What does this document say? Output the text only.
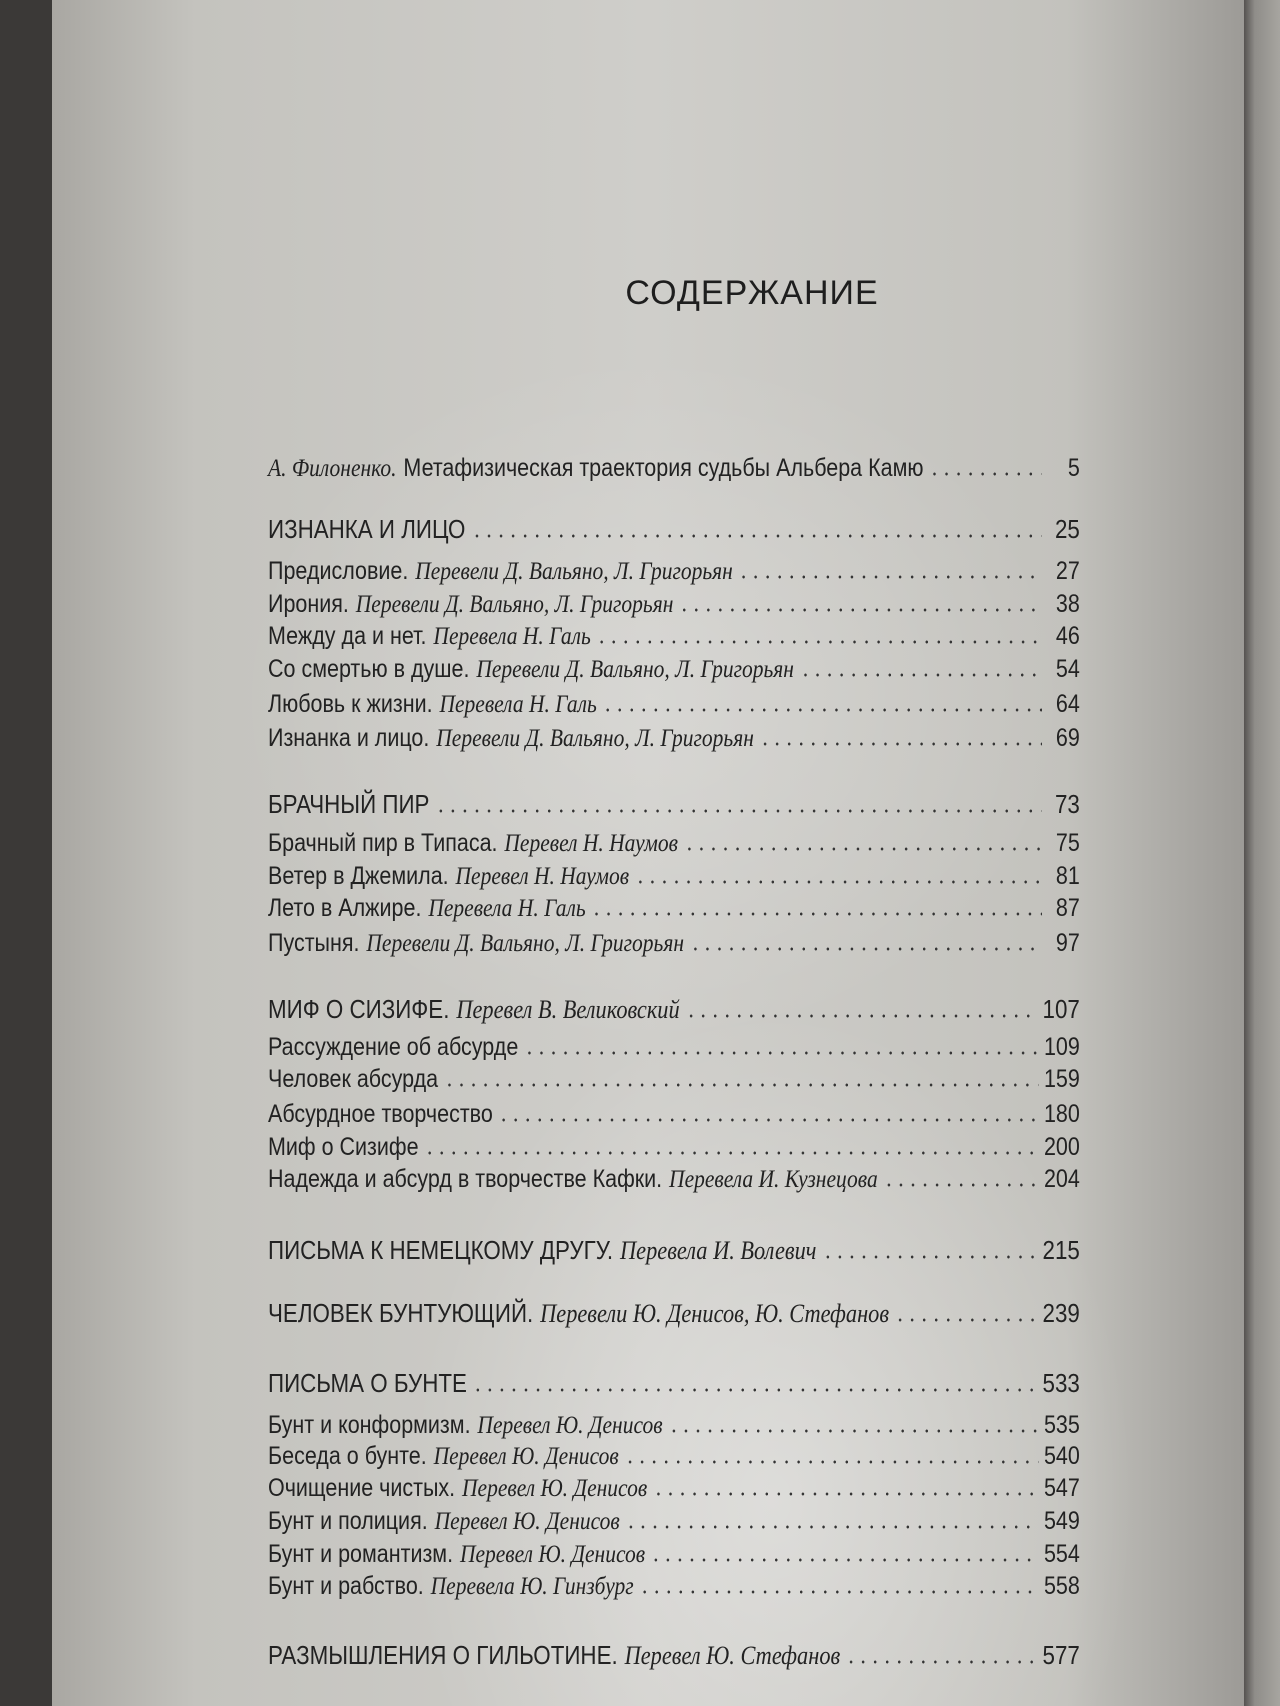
СОДЕРЖАНИЕ
А. Филоненко. Метафизическая траектория судьбы Альбера Камю	5
ИЗНАНКА И ЛИЦО	25
Предисловие. Перевели Д. Вальяно, Л. Григорьян	27
Ирония. Перевели Д. Вальяно, Л. Григорьян	38
Между да и нет. Перевела Н. Галь	46
Со смертью в душе. Перевели Д. Вальяно, Л. Григорьян	54
Любовь к жизни. Перевела Н. Галь	64
Изнанка и лицо. Перевели Д. Вальяно, Л. Григорьян	69
БРАЧНЫЙ ПИР	73
Брачный пир в Типаса. Перевел Н. Наумов	75
Ветер в Джемила. Перевел Н. Наумов	81
Лето в Алжире. Перевела Н. Галь	87
Пустыня. Перевели Д. Вальяно, Л. Григорьян	97
МИФ О СИЗИФЕ. Перевел В. Великовский	107
Рассуждение об абсурде	109
Человек абсурда	159
Абсурдное творчество	180
Миф о Сизифе	200
Надежда и абсурд в творчестве Кафки. Перевела И. Кузнецова	204
ПИСЬМА К НЕМЕЦКОМУ ДРУГУ. Перевела И. Волевич	215
ЧЕЛОВЕК БУНТУЮЩИЙ. Перевели Ю. Денисов, Ю. Стефанов	239
ПИСЬМА О БУНТЕ	533
Бунт и конформизм. Перевел Ю. Денисов	535
Беседа о бунте. Перевел Ю. Денисов	540
Очищение чистых. Перевел Ю. Денисов	547
Бунт и полиция. Перевел Ю. Денисов	549
Бунт и романтизм. Перевел Ю. Денисов	554
Бунт и рабство. Перевела Ю. Гинзбург	558
РАЗМЫШЛЕНИЯ О ГИЛЬОТИНЕ. Перевел Ю. Стефанов	577
